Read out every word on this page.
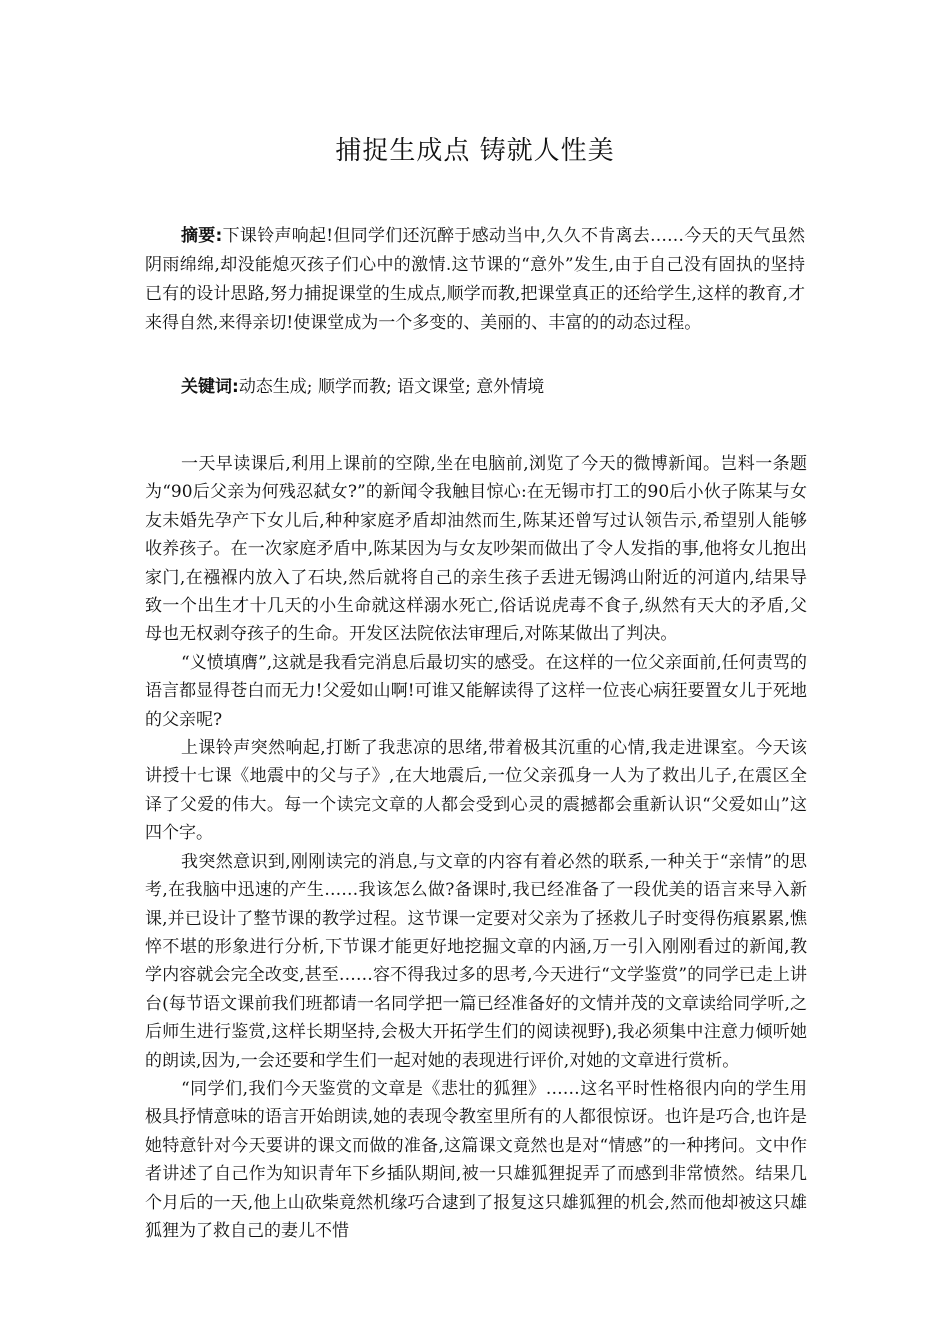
捕捉生成点 铸就人性美
摘要:下课铃声响起!但同学们还沉醉于感动当中,久久不肯离去……今天的天气虽然阴雨绵绵,却没能熄灭孩子们心中的激情.这节课的“意外”发生,由于自己没有固执的坚持已有的设计思路,努力捕捉课堂的生成点,顺学而教,把课堂真正的还给学生,这样的教育,才来得自然,来得亲切!使课堂成为一个多变的、美丽的、丰富的的动态过程。
关键词:动态生成; 顺学而教; 语文课堂; 意外情境

一天早读课后,利用上课前的空隙,坐在电脑前,浏览了今天的微博新闻。岂料一条题为“90后父亲为何残忍弑女?”的新闻令我触目惊心:在无锡市打工的90后小伙子陈某与女友未婚先孕产下女儿后,种种家庭矛盾却油然而生,陈某还曾写过认领告示,希望别人能够收养孩子。在一次家庭矛盾中,陈某因为与女友吵架而做出了令人发指的事,他将女儿抱出家门,在襁褓内放入了石块,然后就将自己的亲生孩子丢进无锡鸿山附近的河道内,结果导致一个出生才十几天的小生命就这样溺水死亡,俗话说虎毒不食子,纵然有天大的矛盾,父母也无权剥夺孩子的生命。开发区法院依法审理后,对陈某做出了判决。

“义愤填膺”,这就是我看完消息后最切实的感受。在这样的一位父亲面前,任何责骂的语言都显得苍白而无力!父爱如山啊!可谁又能解读得了这样一位丧心病狂要置女儿于死地的父亲呢?

上课铃声突然响起,打断了我悲凉的思绪,带着极其沉重的心情,我走进课室。今天该讲授十七课《地震中的父与子》,在大地震后,一位父亲孤身一人为了救出儿子,在震区全译了父爱的伟大。每一个读完文章的人都会受到心灵的震撼都会重新认识“父爱如山”这四个字。

我突然意识到,刚刚读完的消息,与文章的内容有着必然的联系,一种关于“亲情”的思考,在我脑中迅速的产生……我该怎么做?备课时,我已经准备了一段优美的语言来导入新课,并已设计了整节课的教学过程。这节课一定要对父亲为了拯救儿子时变得伤痕累累,憔悴不堪的形象进行分析,下节课才能更好地挖掘文章的内涵,万一引入刚刚看过的新闻,教学内容就会完全改变,甚至……容不得我过多的思考,今天进行“文学鉴赏”的同学已走上讲台(每节语文课前我们班都请一名同学把一篇已经准备好的文情并茂的文章读给同学听,之后师生进行鉴赏,这样长期坚持,会极大开拓学生们的阅读视野),我必须集中注意力倾听她的朗读,因为,一会还要和学生们一起对她的表现进行评价,对她的文章进行赏析。

“同学们,我们今天鉴赏的文章是《悲壮的狐狸》……这名平时性格很内向的学生用极具抒情意味的语言开始朗读,她的表现令教室里所有的人都很惊讶。也许是巧合,也许是她特意针对今天要讲的课文而做的准备,这篇课文竟然也是对“情感”的一种拷问。文中作者讲述了自己作为知识青年下乡插队期间,被一只雄狐狸捉弄了而感到非常愤然。结果几个月后的一天,他上山砍柴竟然机缘巧合逮到了报复这只雄狐狸的机会,然而他却被这只雄狐狸为了救自己的妻儿不惜
